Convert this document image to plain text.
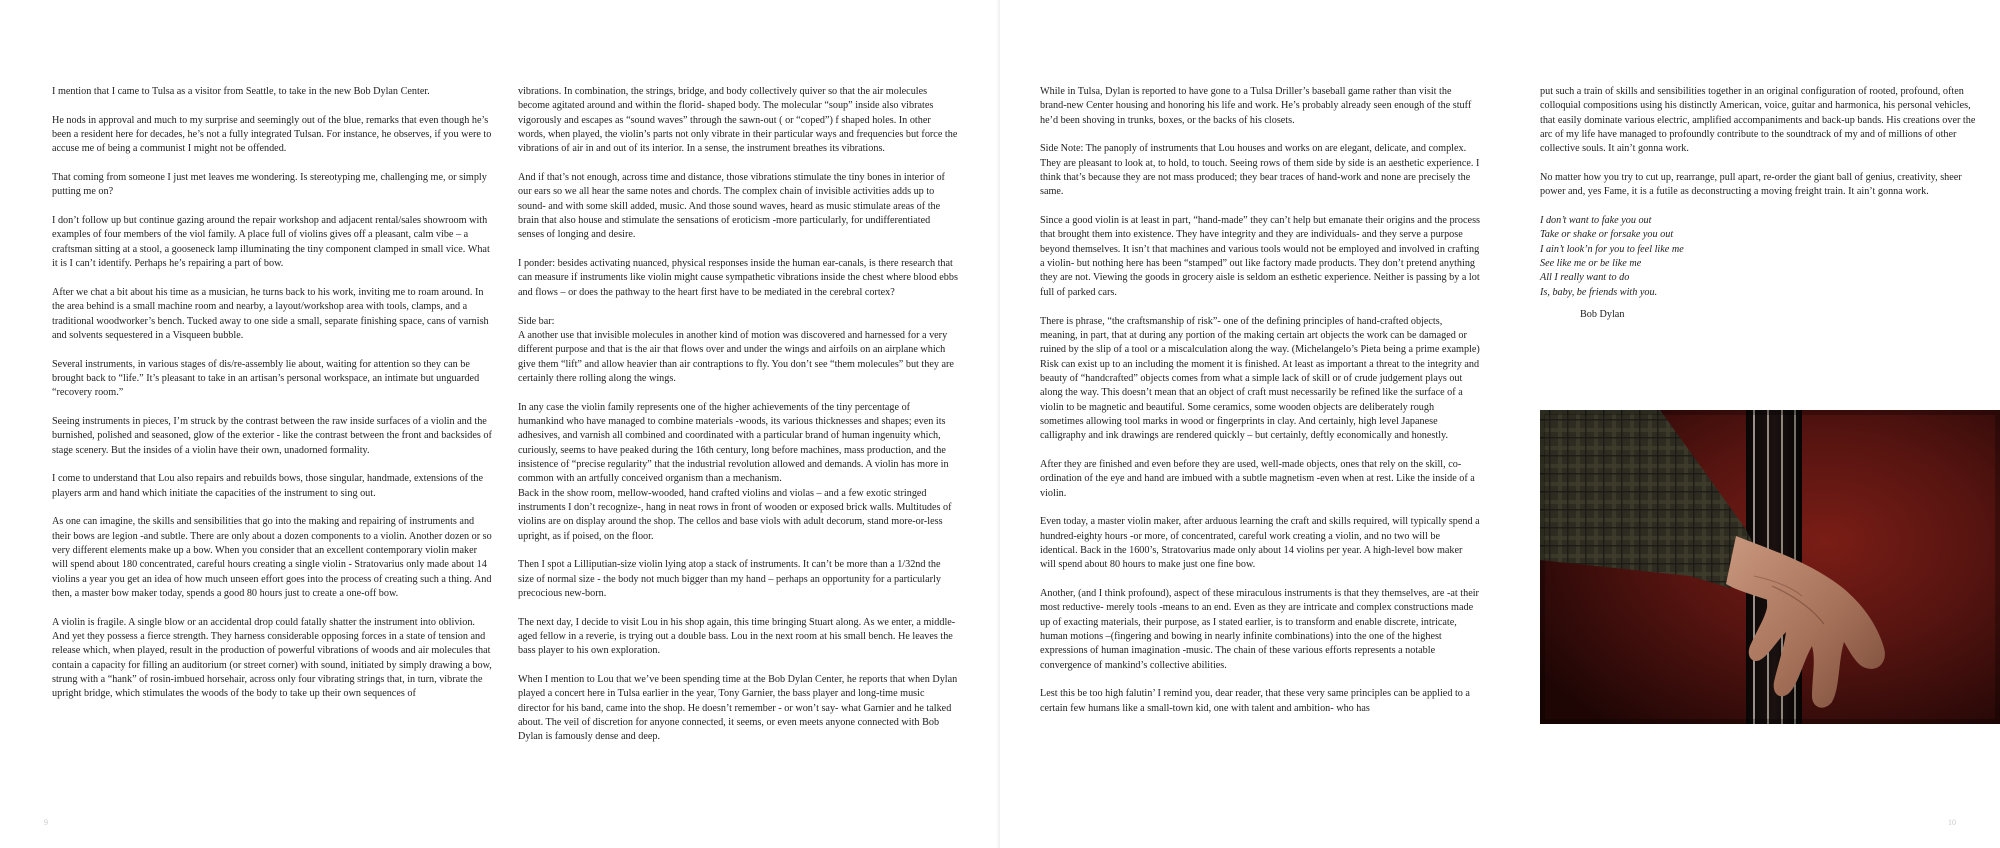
I mention that I came to Tulsa as a visitor from Seattle, to take in the new Bob Dylan Center.

He nods in approval and much to my surprise and seemingly out of the blue, remarks that even though he’s been a resident here for decades, he’s not a fully integrated Tulsan. For instance, he observes, if you were to accuse me of being a communist I might not be offended.

That coming from someone I just met leaves me wondering. Is stereotyping me, challenging me, or simply putting me on?

I don’t follow up but continue gazing around the repair workshop and adjacent rental/sales showroom with examples of four members of the viol family. A place full of violins gives off a pleasant, calm vibe – a craftsman sitting at a stool, a gooseneck lamp illuminating the tiny component clamped in small vice. What it is I can’t identify. Perhaps he’s repairing a part of bow.

After we chat a bit about his time as a musician, he turns back to his work, inviting me to roam around. In the area behind is a small machine room and nearby, a layout/workshop area with tools, clamps, and a traditional woodworker’s bench. Tucked away to one side a small, separate finishing space, cans of varnish and solvents sequestered in a Visqueen bubble.

Several instruments, in various stages of dis/re-assembly lie about, waiting for attention so they can be brought back to “life.” It’s pleasant to take in an artisan’s personal workspace, an intimate but unguarded “recovery room.”

Seeing instruments in pieces, I’m struck by the contrast between the raw inside surfaces of a violin and the burnished, polished and seasoned, glow of the exterior - like the contrast between the front and backsides of stage scenery. But the insides of a violin have their own, unadorned formality.

I come to understand that Lou also repairs and rebuilds bows, those singular, handmade, extensions of the players arm and hand which initiate the capacities of the instrument to sing out.

As one can imagine, the skills and sensibilities that go into the making and repairing of instruments and their bows are legion -and subtle. There are only about a dozen components to a violin. Another dozen or so very different elements make up a bow. When you consider that an excellent contemporary violin maker will spend about 180 concentrated, careful hours creating a single violin - Stratovarius only made about 14 violins a year you get an idea of how much unseen effort goes into the process of creating such a thing. And then, a master bow maker today, spends a good 80 hours just to create a one-off bow.

A violin is fragile. A single blow or an accidental drop could fatally shatter the instrument into oblivion. And yet they possess a fierce strength. They harness considerable opposing forces in a state of tension and release which, when played, result in the production of powerful vibrations of woods and air molecules that contain a capacity for filling an auditorium (or street corner) with sound, initiated by simply drawing a bow, strung with a “hank” of rosin-imbued horsehair, across only four vibrating strings that, in turn, vibrate the upright bridge, which stimulates the woods of the body to take up their own sequences of

vibrations. In combination, the strings, bridge, and body collectively quiver so that the air molecules become agitated around and within the florid- shaped body. The molecular “soup” inside also vibrates vigorously and escapes as “sound waves” through the sawn-out ( or “coped”) f shaped holes. In other words, when played, the violin’s parts not only vibrate in their particular ways and frequencies but force the vibrations of air in and out of its interior. In a sense, the instrument breathes its vibrations.

And if that’s not enough, across time and distance, those vibrations stimulate the tiny bones in interior of our ears so we all hear the same notes and chords. The complex chain of invisible activities adds up to sound- and with some skill added, music. And those sound waves, heard as music stimulate areas of the brain that also house and stimulate the sensations of eroticism -more particularly, for undifferentiated senses of longing and desire.

I ponder: besides activating nuanced, physical responses inside the human ear-canals, is there research that can measure if instruments like violin might cause sympathetic vibrations inside the chest where blood ebbs and flows – or does the pathway to the heart first have to be mediated in the cerebral cortex?

Side bar:

A another use that invisible molecules in another kind of motion was discovered and harnessed for a very different purpose and that is the air that flows over and under the wings and airfoils on an airplane which give them “lift” and allow heavier than air contraptions to fly. You don’t see “them molecules” but they are certainly there rolling along the wings.

In any case the violin family represents one of the higher achievements of the tiny percentage of humankind who have managed to combine materials -woods, its various thicknesses and shapes; even its adhesives, and varnish all combined and coordinated with a particular brand of human ingenuity which, curiously, seems to have peaked during the 16th century, long before machines, mass production, and the insistence of “precise regularity” that the industrial revolution allowed and demands. A violin has more in common with an artfully conceived organism than a mechanism.

Back in the show room, mellow-wooded, hand crafted violins and violas – and a few exotic stringed instruments I don’t recognize-, hang in neat rows in front of wooden or exposed brick walls. Multitudes of violins are on display around the shop. The cellos and base viols with adult decorum, stand more-or-less upright, as if poised, on the floor.

Then I spot a Lilliputian-size violin lying atop a stack of instruments. It can’t be more than a 1/32nd the size of normal size - the body not much bigger than my hand – perhaps an opportunity for a particularly precocious new-born.

The next day, I decide to visit Lou in his shop again, this time bringing Stuart along. As we enter, a middle-aged fellow in a reverie, is trying out a double bass. Lou in the next room at his small bench. He leaves the bass player to his own exploration.

When I mention to Lou that we’ve been spending time at the Bob Dylan Center, he reports that when Dylan played a concert here in Tulsa earlier in the year, Tony Garnier, the bass player and long-time music director for his band, came into the shop. He doesn’t remember - or won’t say- what Garnier and he talked about. The veil of discretion for anyone connected, it seems, or even meets anyone connected with Bob Dylan is famously dense and deep.

9

While in Tulsa, Dylan is reported to have gone to a Tulsa Driller’s baseball game rather than visit the brand-new Center housing and honoring his life and work. He’s probably already seen enough of the stuff he’d been shoving in trunks, boxes, or the backs of his closets.

Side Note: The panoply of instruments that Lou houses and works on are elegant, delicate, and complex. They are pleasant to look at, to hold, to touch. Seeing rows of them side by side is an aesthetic experience. I think that’s because they are not mass produced; they bear traces of hand-work and none are precisely the same.

Since a good violin is at least in part, “hand-made” they can’t help but emanate their origins and the process that brought them into existence. They have integrity and they are individuals- and they serve a purpose beyond themselves. It isn’t that machines and various tools would not be employed and involved in crafting a violin- but nothing here has been “stamped” out like factory made products. They don’t pretend anything they are not. Viewing the goods in grocery aisle is seldom an esthetic experience. Neither is passing by a lot full of parked cars.

There is phrase, “the craftsmanship of risk”- one of the defining principles of hand-crafted objects, meaning, in part, that at during any portion of the making certain art objects the work can be damaged or ruined by the slip of a tool or a miscalculation along the way. (Michelangelo’s Pieta being a prime example) Risk can exist up to an including the moment it is finished. At least as important a threat to the integrity and beauty of “handcrafted” objects comes from what a simple lack of skill or of crude judgement plays out along the way. This doesn’t mean that an object of craft must necessarily be refined like the surface of a violin to be magnetic and beautiful. Some ceramics, some wooden objects are deliberately rough sometimes allowing tool marks in wood or fingerprints in clay. And certainly, high level Japanese calligraphy and ink drawings are rendered quickly – but certainly, deftly economically and honestly.

After they are finished and even before they are used, well-made objects, ones that rely on the skill, co-ordination of the eye and hand are imbued with a subtle magnetism -even when at rest. Like the inside of a violin.

Even today, a master violin maker, after arduous learning the craft and skills required, will typically spend a hundred-eighty hours -or more, of concentrated, careful work creating a violin, and no two will be identical. Back in the 1600’s, Stratovarius made only about 14 violins per year. A high-level bow maker will spend about 80 hours to make just one fine bow.

Another, (and I think profound), aspect of these miraculous instruments is that they themselves, are -at their most reductive- merely tools -means to an end. Even as they are intricate and complex constructions made up of exacting materials, their purpose, as I stated earlier, is to transform and enable discrete, intricate, human motions –(fingering and bowing in nearly infinite combinations) into the one of the highest expressions of human imagination -music. The chain of these various efforts represents a notable convergence of mankind’s collective abilities.

Lest this be too high falutin’ I remind you, dear reader, that these very same principles can be applied to a certain few humans like a small-town kid, one with talent and ambition- who has

put such a train of skills and sensibilities together in an original configuration of rooted, profound, often colloquial compositions using his distinctly American, voice, guitar and harmonica, his personal vehicles, that easily dominate various electric, amplified accompaniments and back-up bands. His creations over the arc of my life have managed to profoundly contribute to the soundtrack of my and of millions of other collective souls. It ain’t gonna work.

No matter how you try to cut up, rearrange, pull apart, re-order the giant ball of genius, creativity, sheer power and, yes Fame, it is a futile as deconstructing a moving freight train. It ain’t gonna work.

I don’t want to fake you out
Take or shake or forsake you out
I ain’t look’n for you to feel like me
See like me or be like me
All I really want to do
Is, baby, be friends with you.
Bob Dylan
10
